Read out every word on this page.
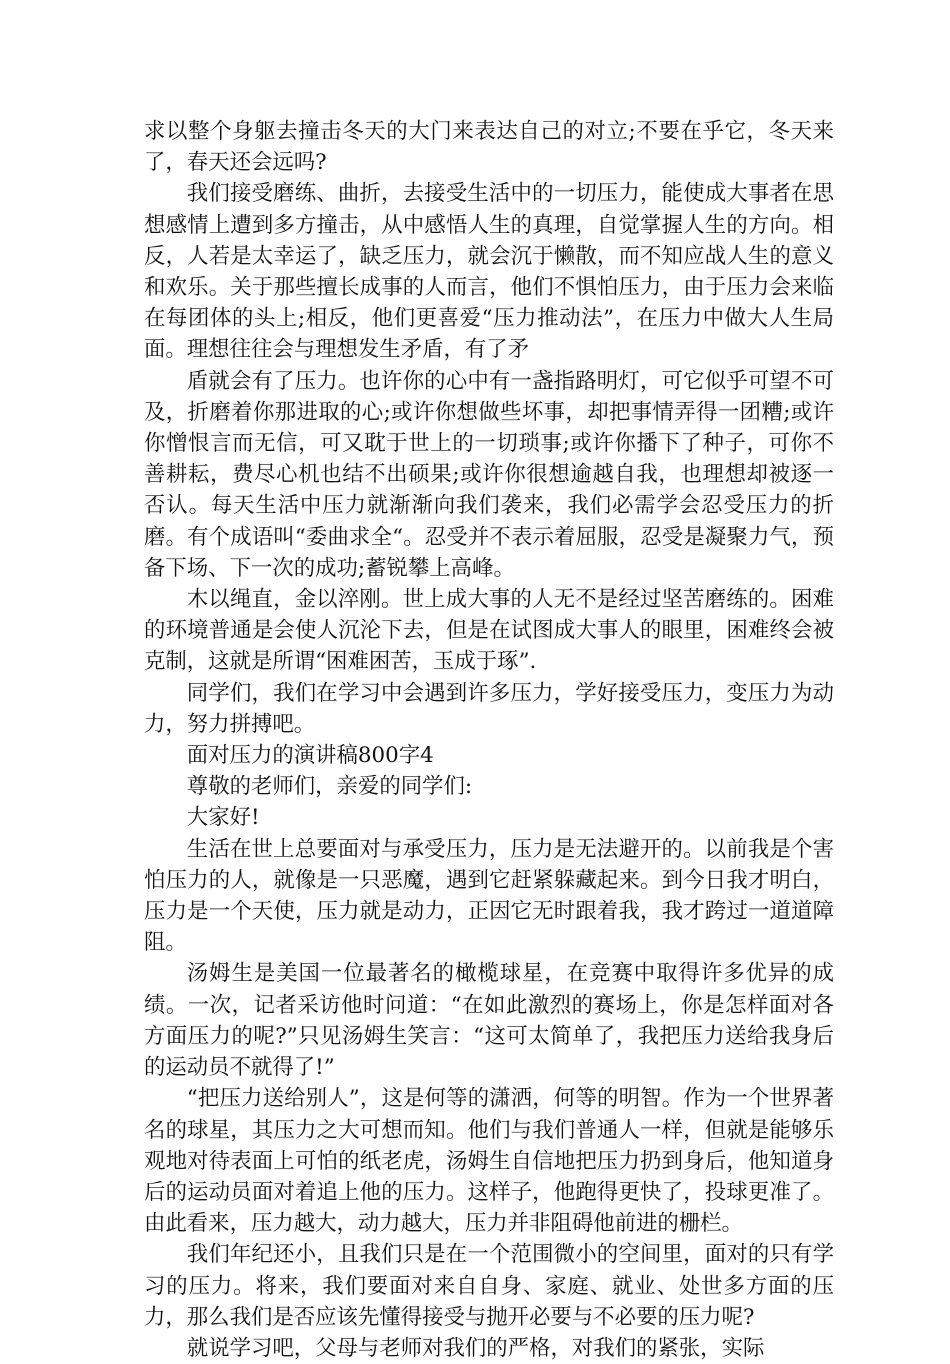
求以整个身躯去撞击冬天的大门来表达自己的对立;不要在乎它，冬天来了，春天还会远吗?

我们接受磨练、曲折，去接受生活中的一切压力，能使成大事者在思想感情上遭到多方撞击，从中感悟人生的真理，自觉掌握人生的方向。相反，人若是太幸运了，缺乏压力，就会沉于懒散，而不知应战人生的意义和欢乐。关于那些擅长成事的人而言，他们不惧怕压力，由于压力会来临在每团体的头上;相反，他们更喜爱“压力推动法”，在压力中做大人生局面。理想往往会与理想发生矛盾，有了矛

盾就会有了压力。也许你的心中有一盏指路明灯，可它似乎可望不可及，折磨着你那进取的心;或许你想做些坏事，却把事情弄得一团糟;或许你憎恨言而无信，可又耽于世上的一切琐事;或许你播下了种子，可你不善耕耘，费尽心机也结不出硕果;或许你很想逾越自我，也理想却被逐一否认。每天生活中压力就渐渐向我们袭来，我们必需学会忍受压力的折磨。有个成语叫“委曲求全“。忍受并不表示着屈服，忍受是凝聚力气，预备下场、下一次的成功;蓄锐攀上高峰。

木以绳直，金以淬刚。世上成大事的人无不是经过坚苦磨练的。困难的环境普通是会使人沉沦下去，但是在试图成大事人的眼里，困难终会被克制，这就是所谓“困难困苦，玉成于琢”.

同学们，我们在学习中会遇到许多压力，学好接受压力，变压力为动力，努力拼搏吧。

面对压力的演讲稿800字4

尊敬的老师们，亲爱的同学们:

大家好!

生活在世上总要面对与承受压力，压力是无法避开的。以前我是个害怕压力的人，就像是一只恶魔，遇到它赶紧躲藏起来。到今日我才明白，压力是一个天使，压力就是动力，正因它无时跟着我，我才跨过一道道障阻。

汤姆生是美国一位最著名的橄榄球星，在竞赛中取得许多优异的成绩。一次，记者采访他时问道：“在如此激烈的赛场上，你是怎样面对各方面压力的呢?”只见汤姆生笑言：“这可太简单了，我把压力送给我身后的运动员不就得了!”

“把压力送给别人”，这是何等的潇洒，何等的明智。作为一个世界著名的球星，其压力之大可想而知。他们与我们普通人一样，但就是能够乐观地对待表面上可怕的纸老虎，汤姆生自信地把压力扔到身后，他知道身后的运动员面对着追上他的压力。这样子，他跑得更快了，投球更准了。由此看来，压力越大，动力越大，压力并非阻碍他前进的栅栏。

我们年纪还小，且我们只是在一个范围微小的空间里，面对的只有学习的压力。将来，我们要面对来自自身、家庭、就业、处世多方面的压力，那么我们是否应该先懂得接受与抛开必要与不必要的压力呢?

就说学习吧，父母与老师对我们的严格，对我们的紧张，实际
